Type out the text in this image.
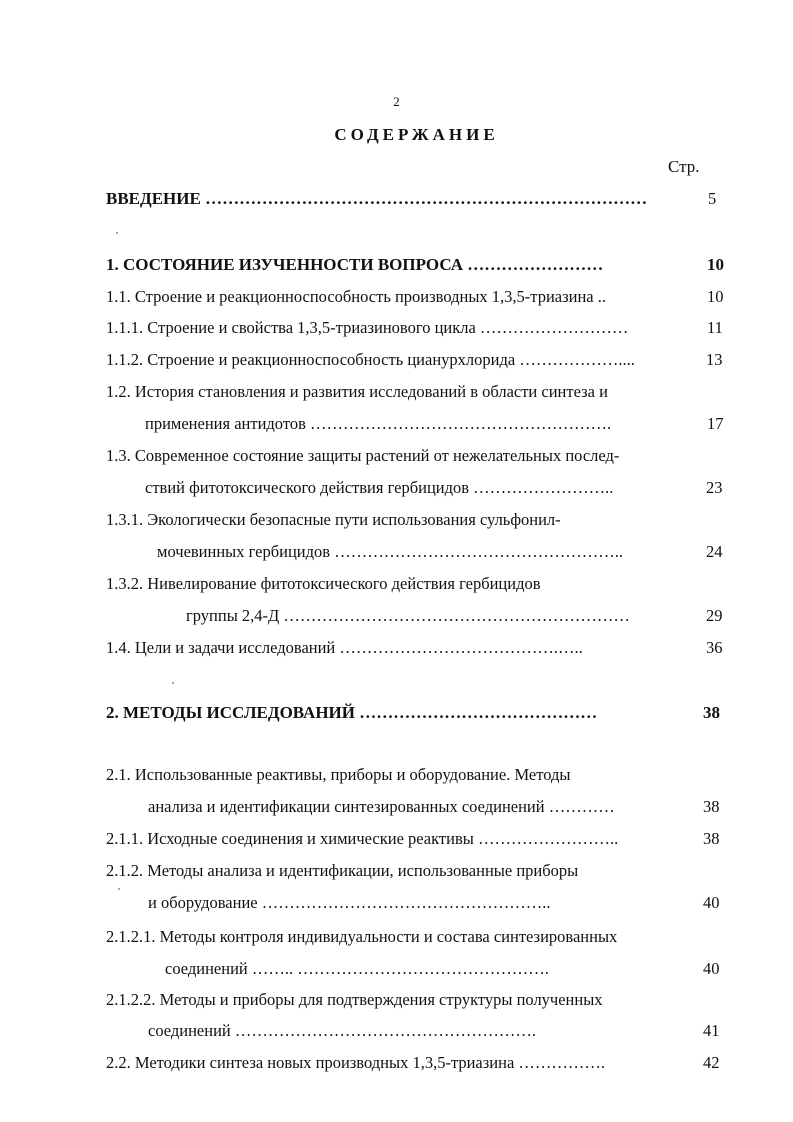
2
СОДЕРЖАНИЕ
Стр.
ВВЕДЕНИЕ ……………………………………………………………………	5
1. СОСТОЯНИЕ ИЗУЧЕННОСТИ ВОПРОСА ……………………	10
1.1. Строение и реакционноспособность производных 1,3,5-триазина ..	10
1.1.1. Строение и свойства 1,3,5-триазинового цикла ………………………	11
1.1.2. Строение и реакционноспособность цианурхлорида ………………....	13
1.2. История становления и развития исследований в области синтеза и
применения антидотов ……………………………………………….	17
1.3. Современное состояние защиты растений от нежелательных послед-
ствий фитотоксического действия гербицидов ……………………..	23
1.3.1. Экологически безопасные пути использования сульфонил-
мочевинных гербицидов ……………………………………………..	24
1.3.2. Нивелирование фитотоксического действия гербицидов
группы 2,4-Д ………………………………………………………	29
1.4. Цели и задачи исследований ………………………………….…..	36
2. МЕТОДЫ ИССЛЕДОВАНИЙ ……………………………………	38
2.1. Использованные реактивы, приборы и оборудование. Методы
анализа и идентификации синтезированных соединений …………	38
2.1.1. Исходные соединения и химические реактивы ……………………..	38
2.1.2. Методы анализа и идентификации, использованные приборы
и оборудование ……………………………………………..	40
2.1.2.1. Методы контроля индивидуальности и состава синтезированных
соединений …….. ……………………………………….	40
2.1.2.2. Методы и приборы для подтверждения структуры полученных
соединений ……………………………………………….	41
2.2. Методики синтеза новых производных 1,3,5-триазина …………….	42
